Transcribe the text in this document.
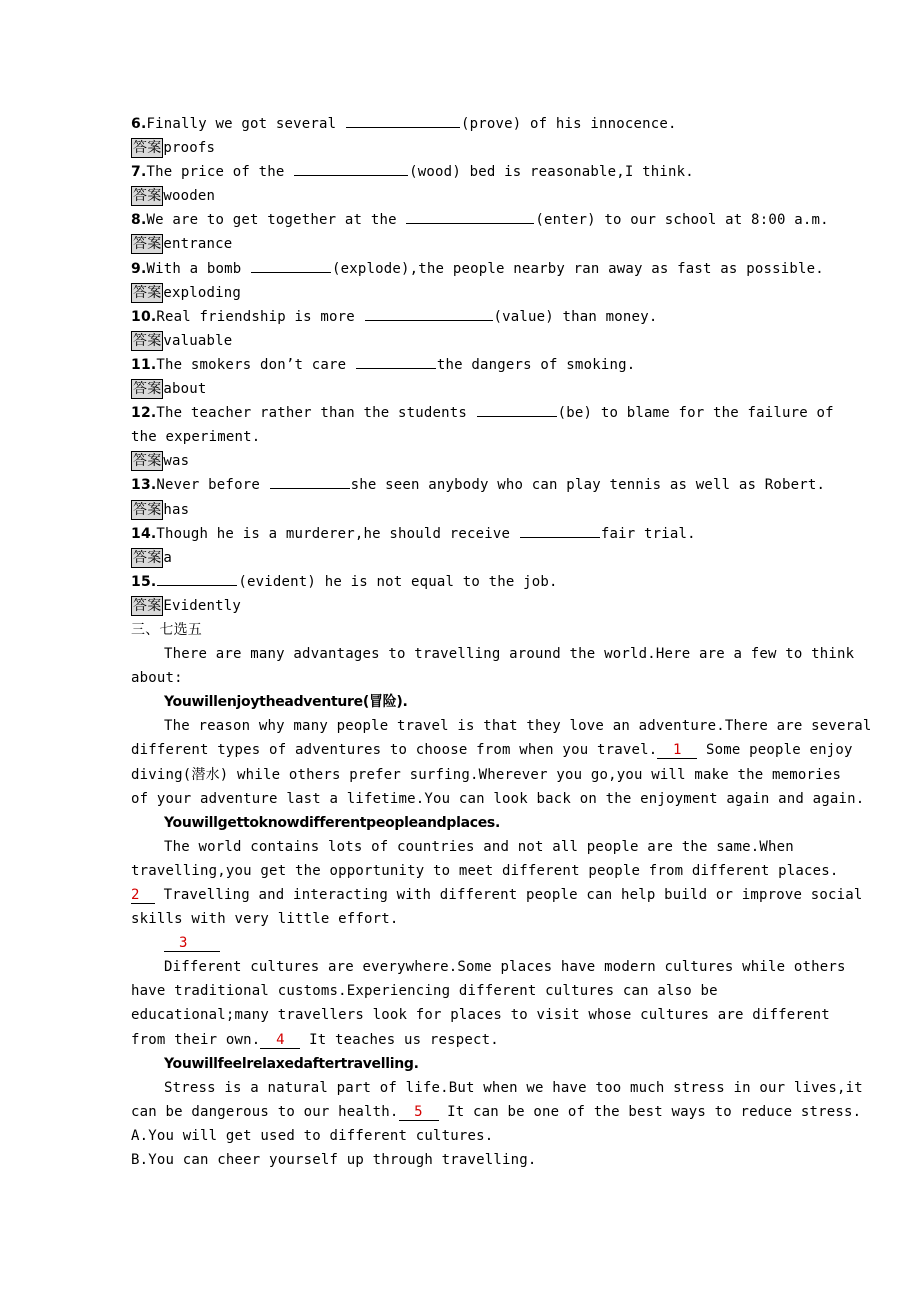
6.Finally we got several	(prove) of his innocence.
答案 proofs
7.The price of the	(wood) bed is reasonable,I think.
答案 wooden
8.We are to get together at the	(enter) to our school at 8:00 a.m.
答案 entrance
9.With a bomb	(explode),the people nearby ran away as fast as possible.
答案 exploding
10.Real friendship is more	(value) than money.
答案 valuable
11.The smokers don’t care	the dangers of smoking.
答案 about
12.The teacher rather than the students	(be) to blame for the failure of
the experiment.
答案 was
13.Never before	she seen anybody who can play tennis as well as Robert.
答案 has
14.Though he is a murderer,he should receive	fair trial.
答案 a
15.	(evident) he is not equal to the job.
答案 Evidently
三、七选五
There are many advantages to travelling around the world.Here are a few to think
about:
Youwillenjoytheadventure(冒险).
The reason why many people travel is that they love an adventure.There are several
different types of adventures to choose from when you travel. 1 Some people enjoy
diving(潜水) while others prefer surfing.Wherever you go,you will make the memories
of your adventure last a lifetime.You can look back on the enjoyment again and again.
Youwillgettoknowdifferentpeopleandplaces.
The world contains lots of countries and not all people are the same.When
travelling,you get the opportunity to meet different people from different places.
2 Travelling and interacting with different people can help build or improve social
skills with very little effort.
3
Different cultures are everywhere.Some places have modern cultures while others
have traditional customs.Experiencing different cultures can also be
educational;many travellers look for places to visit whose cultures are different
from their own. 4 It teaches us respect.
Youwillfeelrelaxedaftertravelling.
Stress is a natural part of life.But when we have too much stress in our lives,it
can be dangerous to our health. 5 It can be one of the best ways to reduce stress.
A.You will get used to different cultures.
B.You can cheer yourself up through travelling.
